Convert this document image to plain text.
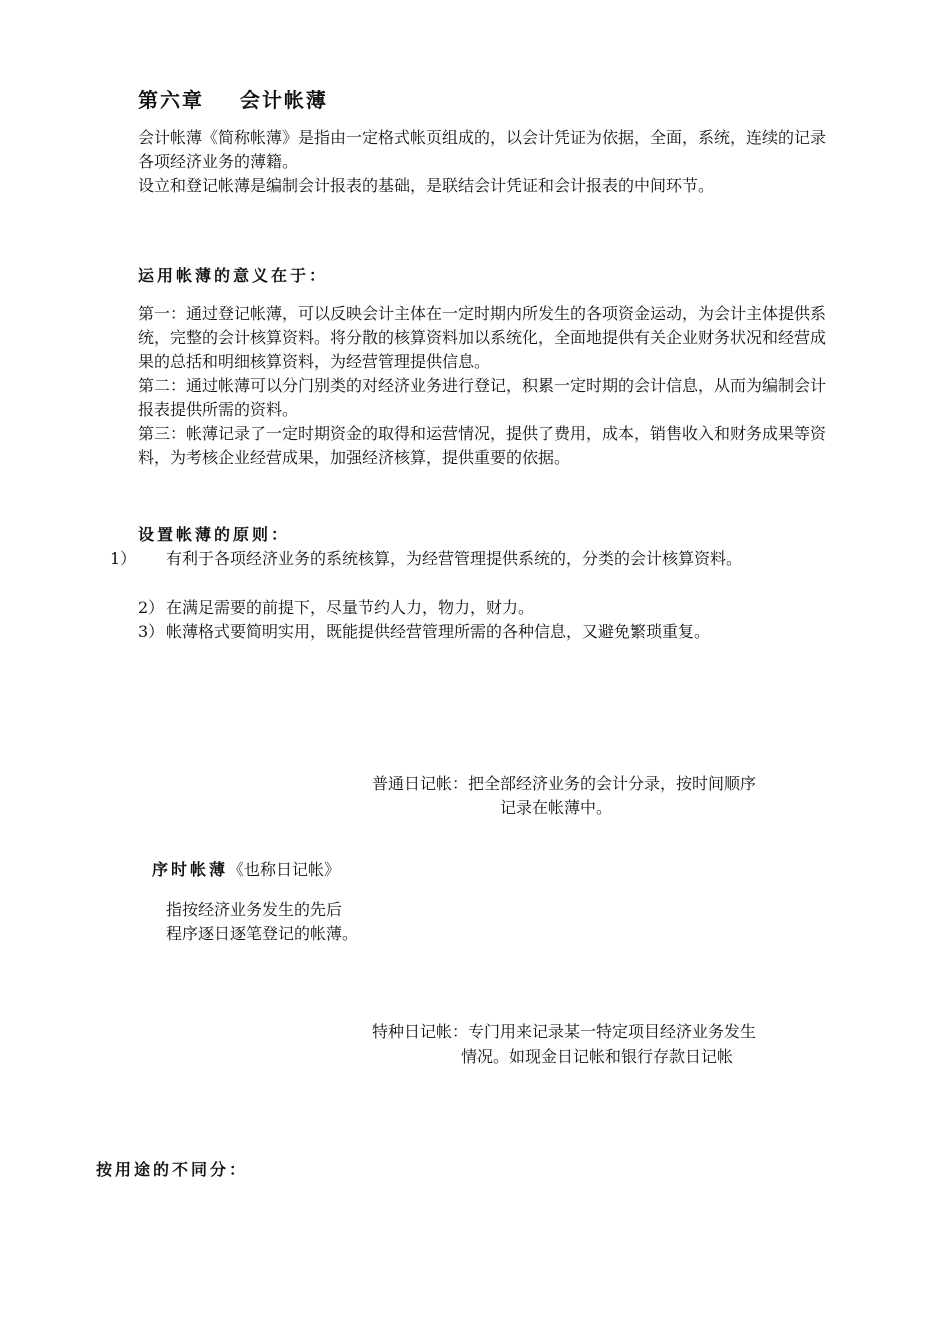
第六章    会计帐薄
会计帐薄《简称帐薄》是指由一定格式帐页组成的，以会计凭证为依据，全面，系统，连续的记录各项经济业务的薄籍。
设立和登记帐薄是编制会计报表的基础，是联结会计凭证和会计报表的中间环节。
运用帐薄的意义在于：
第一：通过登记帐薄，可以反映会计主体在一定时期内所发生的各项资金运动，为会计主体提供系统，完整的会计核算资料。将分散的核算资料加以系统化，全面地提供有关企业财务状况和经营成果的总括和明细核算资料，为经营管理提供信息。
第二：通过帐薄可以分门别类的对经济业务进行登记，积累一定时期的会计信息，从而为编制会计报表提供所需的资料。
第三：帐薄记录了一定时期资金的取得和运营情况，提供了费用，成本，销售收入和财务成果等资料，为考核企业经营成果，加强经济核算，提供重要的依据。
设置帐薄的原则：
1） 有利于各项经济业务的系统核算，为经营管理提供系统的，分类的会计核算资料。
2） 在满足需要的前提下，尽量节约人力，物力，财力。
3） 帐薄格式要简明实用，既能提供经营管理所需的各种信息，又避免繁琐重复。
普通日记帐：把全部经济业务的会计分录，按时间顺序
记录在帐薄中。
序时帐薄《也称日记帐》
指按经济业务发生的先后
程序逐日逐笔登记的帐薄。
特种日记帐：专门用来记录某一特定项目经济业务发生
情况。如现金日记帐和银行存款日记帐
按用途的不同分：
